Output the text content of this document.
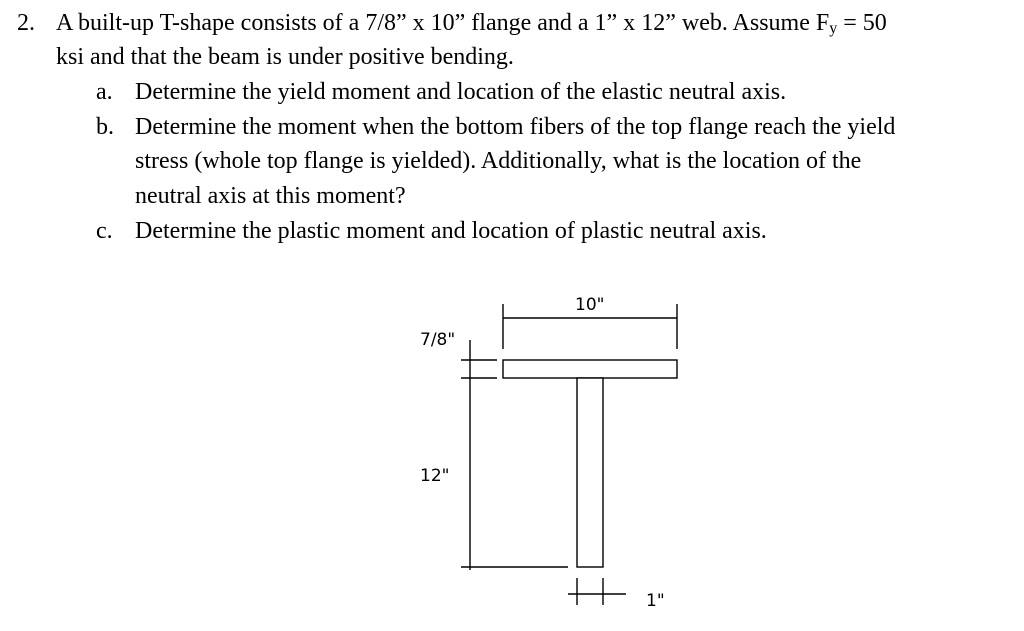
2. A built-up T-shape consists of a 7/8” x 10” flange and a 1” x 12” web. Assume Fy = 50
ksi and that the beam is under positive bending.
a. Determine the yield moment and location of the elastic neutral axis.
b. Determine the moment when the bottom fibers of the top flange reach the yield
stress (whole top flange is yielded). Additionally, what is the location of the
neutral axis at this moment?
c. Determine the plastic moment and location of plastic neutral axis.
10"
7/8"
12"
1"
